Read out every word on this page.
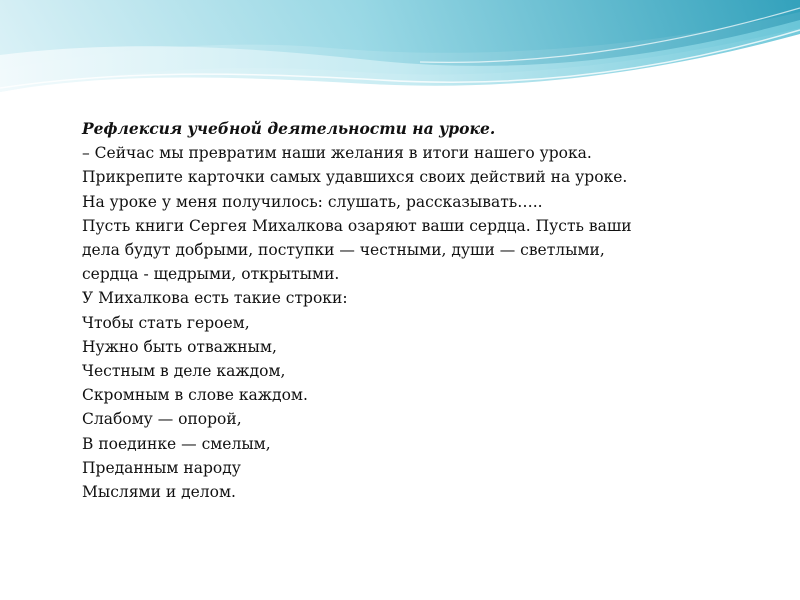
Рефлексия учебной деятельности на уроке.
– Сейчас мы превратим наши желания в итоги нашего урока.
Прикрепите карточки самых удавшихся своих действий на уроке.
На уроке у меня получилось: слушать, рассказывать…..
Пусть книги Сергея Михалкова озаряют ваши сердца. Пусть ваши
дела будут добрыми, поступки — честными, души — светлыми,
сердца - щедрыми, открытыми.
У Михалкова есть такие строки:
Чтобы стать героем,
Нужно быть отважным,
Честным в деле каждом,
Скромным в слове каждом.
Слабому — опорой,
В поединке — смелым,
Преданным народу
Мыслями и делом.
